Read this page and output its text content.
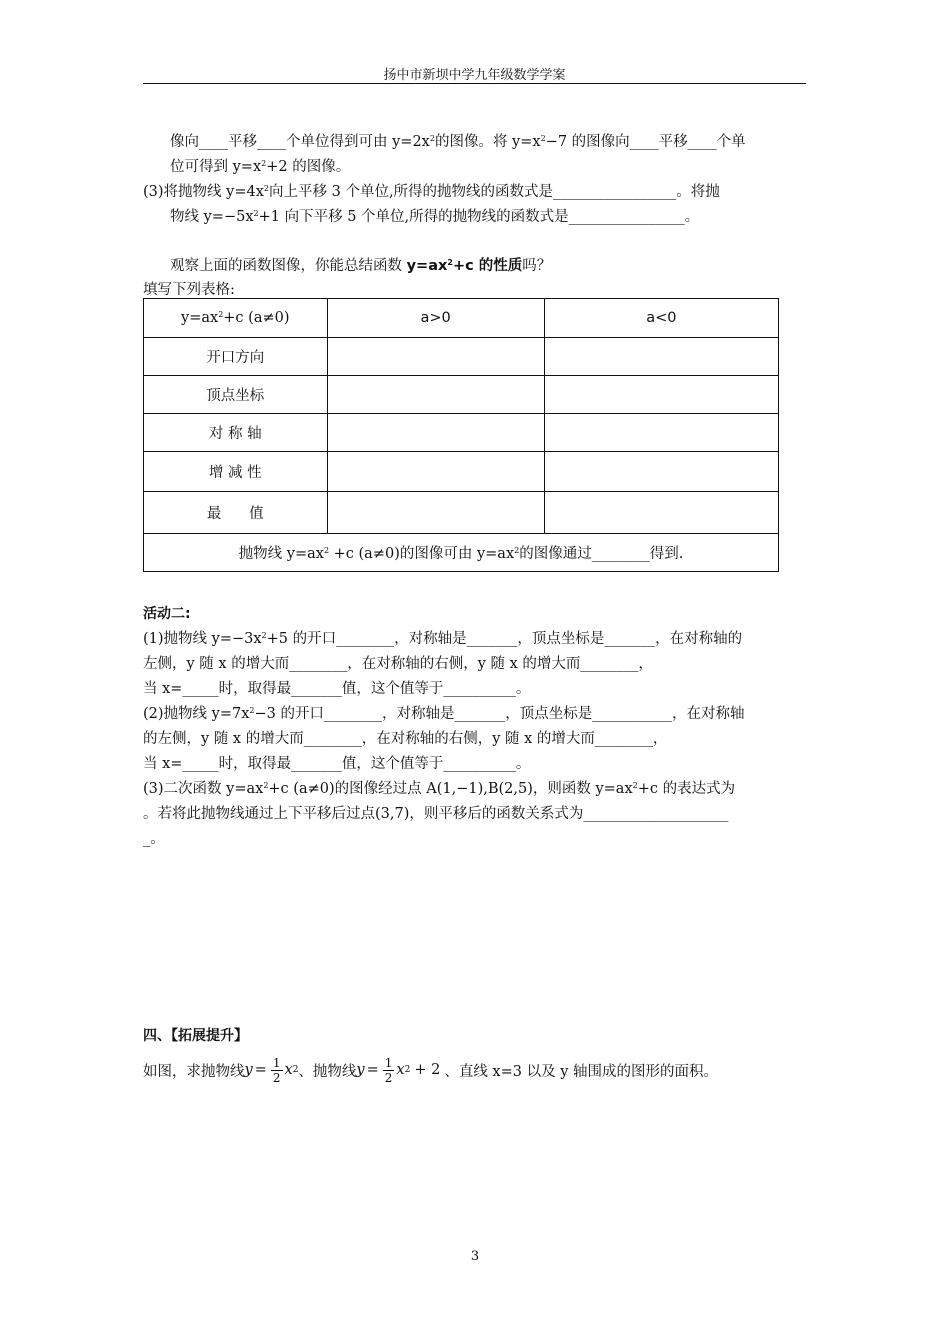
扬中市新坝中学九年级数学学案
像向____平移____个单位得到可由 $y=2x^2$的图像。将 $y=x^2-7$ 的图像向____平移____个单
位可得到 $y=x^2+2$ 的图像。
(3)将抛物线 $y=4x^2$向上平移 3 个单位,所得的抛物线的函数式是_________________。将抛
物线 $y=-5x^2+1$ 向下平移 5 个单位,所得的抛物线的函数式是________________。
观察上面的函数图像，你能总结函数 $y=ax^2+c$ 的性质吗？
填写下列表格:
$y=ax^2+c$ (a≠0)	a>0	a<0
开口方向		
顶点坐标		
对 称 轴		
增 减 性		
最      值		
抛物线 $y=ax^2 +c$ (a≠0)的图像可由 $y=ax^2$的图像通过________得到.		
活动二:
(1)抛物线 $y=-3x^2+5$ 的开口________，对称轴是_______，顶点坐标是_______，在对称轴的
左侧，y 随 x 的增大而________，在对称轴的右侧，y 随 x 的增大而________，
当 x=_____时，取得最_______值，这个值等于__________。
(2)抛物线 $y=7x^2-3$ 的开口________，对称轴是_______，顶点坐标是___________，在对称轴
的左侧，y 随 x 的增大而________，在对称轴的右侧，y 随 x 的增大而________，
当 x=_____时，取得最_______值，这个值等于__________。
(3)二次函数 $y=ax^2+c$ (a≠0)的图像经过点 A(1,−1),B(2,5)，则函数 $y=ax^2+c$ 的表达式为
。若将此抛物线通过上下平移后过点(3,7)，则平移后的函数关系式为____________________
_。
四、【拓展提升】
如图，求抛物线 $y = \frac{1}{2}$ x 2 、抛物线 $y = \frac{1}{2}$ x 2 + 2 、直线 x=3 以及 y 轴围成的图形的面积。
3
